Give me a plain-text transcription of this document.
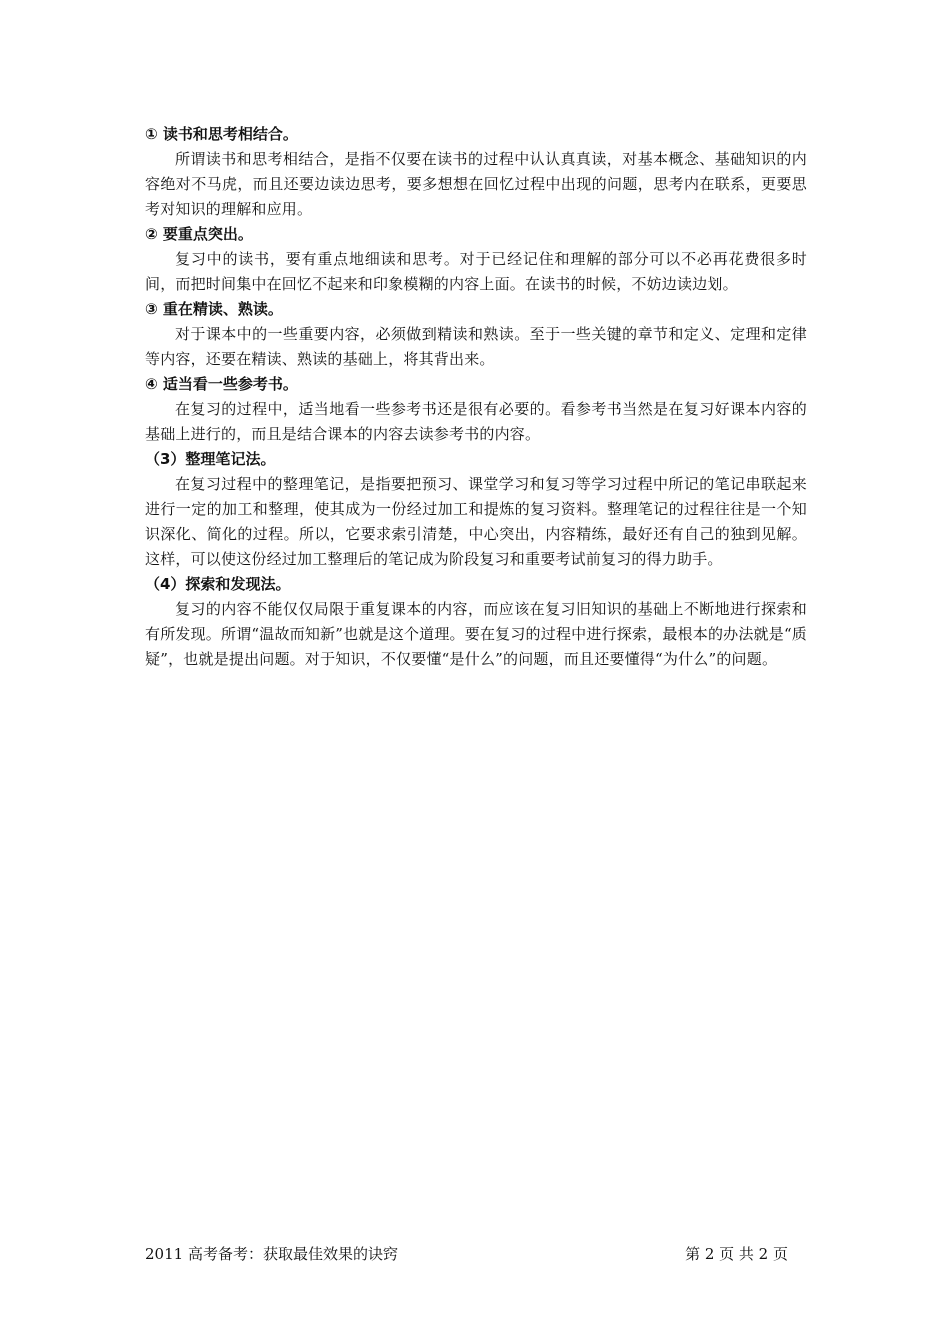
① 读书和思考相结合。

所谓读书和思考相结合，是指不仅要在读书的过程中认认真真读，对基本概念、基础知识的内容绝对不马虎，而且还要边读边思考，要多想想在回忆过程中出现的问题，思考内在联系，更要思考对知识的理解和应用。

② 要重点突出。

复习中的读书，要有重点地细读和思考。对于已经记住和理解的部分可以不必再花费很多时间，而把时间集中在回忆不起来和印象模糊的内容上面。在读书的时候，不妨边读边划。

③ 重在精读、熟读。

对于课本中的一些重要内容，必须做到精读和熟读。至于一些关键的章节和定义、定理和定律等内容，还要在精读、熟读的基础上，将其背出来。

④ 适当看一些参考书。

在复习的过程中，适当地看一些参考书还是很有必要的。看参考书当然是在复习好课本内容的基础上进行的，而且是结合课本的内容去读参考书的内容。

（3）整理笔记法。

在复习过程中的整理笔记，是指要把预习、课堂学习和复习等学习过程中所记的笔记串联起来进行一定的加工和整理，使其成为一份经过加工和提炼的复习资料。整理笔记的过程往往是一个知识深化、简化的过程。所以，它要求索引清楚，中心突出，内容精练，最好还有自己的独到见解。这样，可以使这份经过加工整理后的笔记成为阶段复习和重要考试前复习的得力助手。

（4）探索和发现法。

复习的内容不能仅仅局限于重复课本的内容，而应该在复习旧知识的基础上不断地进行探索和有所发现。所谓“温故而知新”也就是这个道理。要在复习的过程中进行探索，最根本的办法就是“质疑”，也就是提出问题。对于知识，不仅要懂“是什么”的问题，而且还要懂得“为什么”的问题。

2011 高考备考：获取最佳效果的诀窍	第 2 页 共 2 页
